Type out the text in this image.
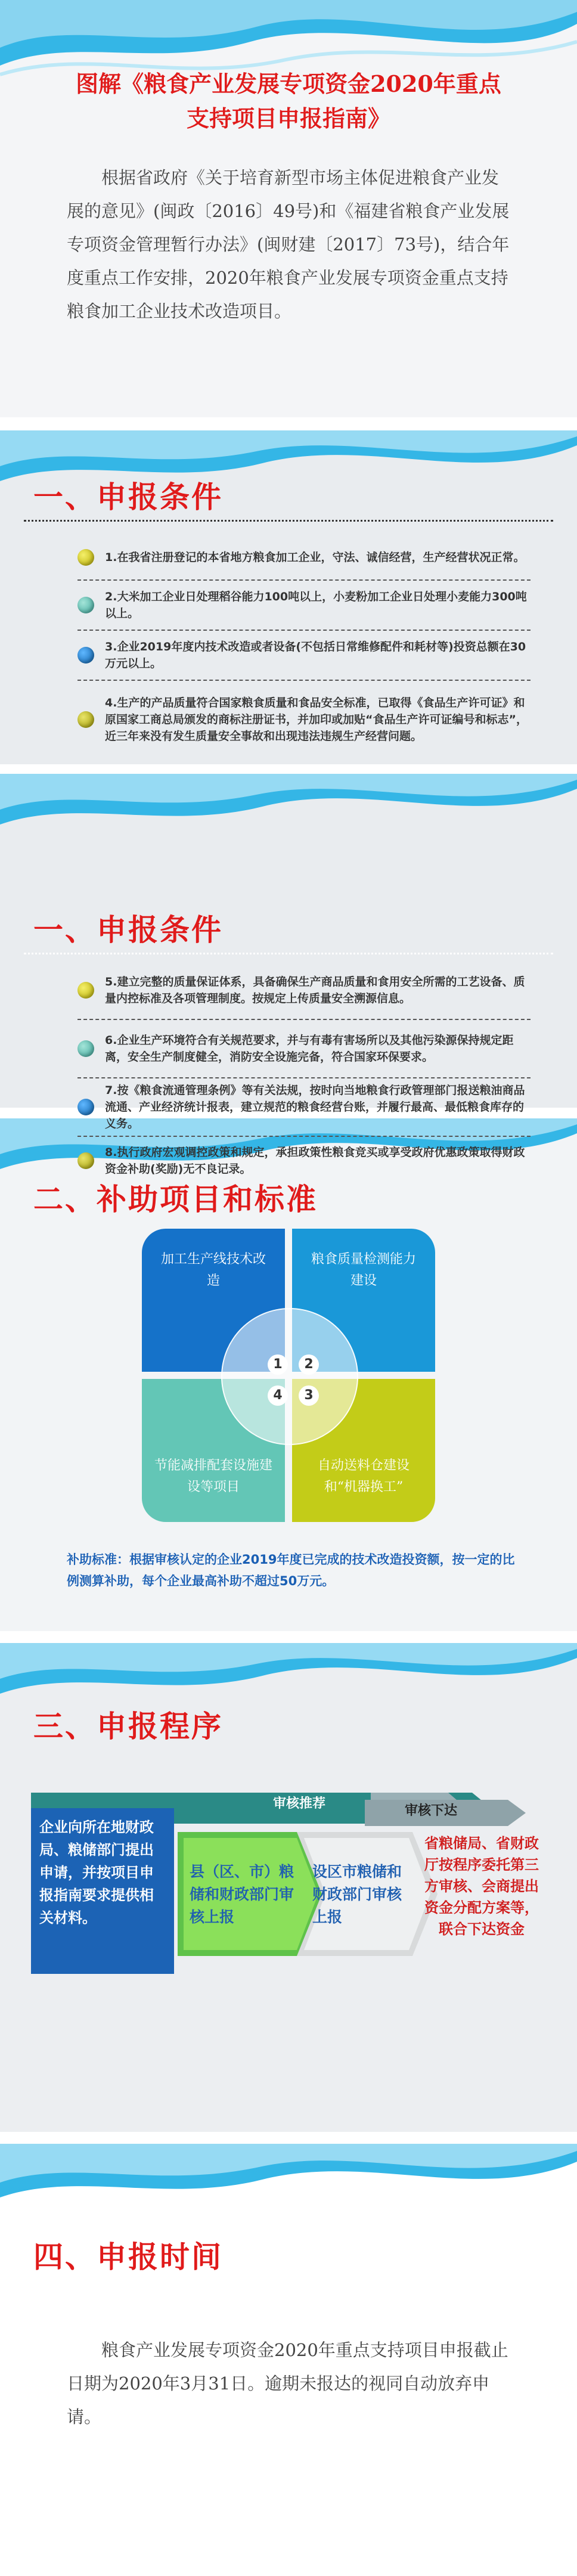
图解《粮食产业发展专项资金2020年重点
支持项目申报指南》
根据省政府《关于培育新型市场主体促进粮食产业发展的意见》(闽政〔2016〕49号)和《福建省粮食产业发展专项资金管理暂行办法》(闽财建〔2017〕73号)，结合年度重点工作安排，2020年粮食产业发展专项资金重点支持粮食加工企业技术改造项目。
一、申报条件
1.在我省注册登记的本省地方粮食加工企业，守法、诚信经营，生产经营状况正常。
2.大米加工企业日处理稻谷能力100吨以上，小麦粉加工企业日处理小麦能力300吨以上。
3.企业2019年度内技术改造或者设备(不包括日常维修配件和耗材等)投资总额在30万元以上。
4.生产的产品质量符合国家粮食质量和食品安全标准，已取得《食品生产许可证》和原国家工商总局颁发的商标注册证书，并加印或加贴“食品生产许可证编号和标志”，近三年来没有发生质量安全事故和出现违法违规生产经营问题。
一、申报条件
二、补助项目和标准
加工生产线技术改造
粮食质量检测能力建设
节能减排配套设施建设等项目
自动送料仓建设和“机器换工”
1	2
4	3
补助标准：根据审核认定的企业2019年度已完成的技术改造投资额，按一定的比例测算补助，每个企业最高补助不超过50万元。
三、申报程序
审核推荐	审核下达
企业向所在地财政局、粮储部门提出申请，并按项目申报指南要求提供相关材料。
县（区、市）粮储和财政部门审核上报
设区市粮储和财政部门审核上报
省粮储局、省财政厅按程序委托第三方审核、会商提出资金分配方案等，联合下达资金
四、申报时间
粮食产业发展专项资金2020年重点支持项目申报截止日期为2020年3月31日。逾期未报达的视同自动放弃申请。
5.建立完整的质量保证体系，具备确保生产商品质量和食用安全所需的工艺设备、质量内控标准及各项管理制度。按规定上传质量安全溯源信息。
6.企业生产环境符合有关规范要求，并与有毒有害场所以及其他污染源保持规定距离，安全生产制度健全，消防安全设施完备，符合国家环保要求。
7.按《粮食流通管理条例》等有关法规，按时向当地粮食行政管理部门报送粮油商品流通、产业经济统计报表，建立规范的粮食经营台账，并履行最高、最低粮食库存的义务。
8.执行政府宏观调控政策和规定，承担政策性粮食竞买或享受政府优惠政策取得财政资金补助(奖励)无不良记录。
